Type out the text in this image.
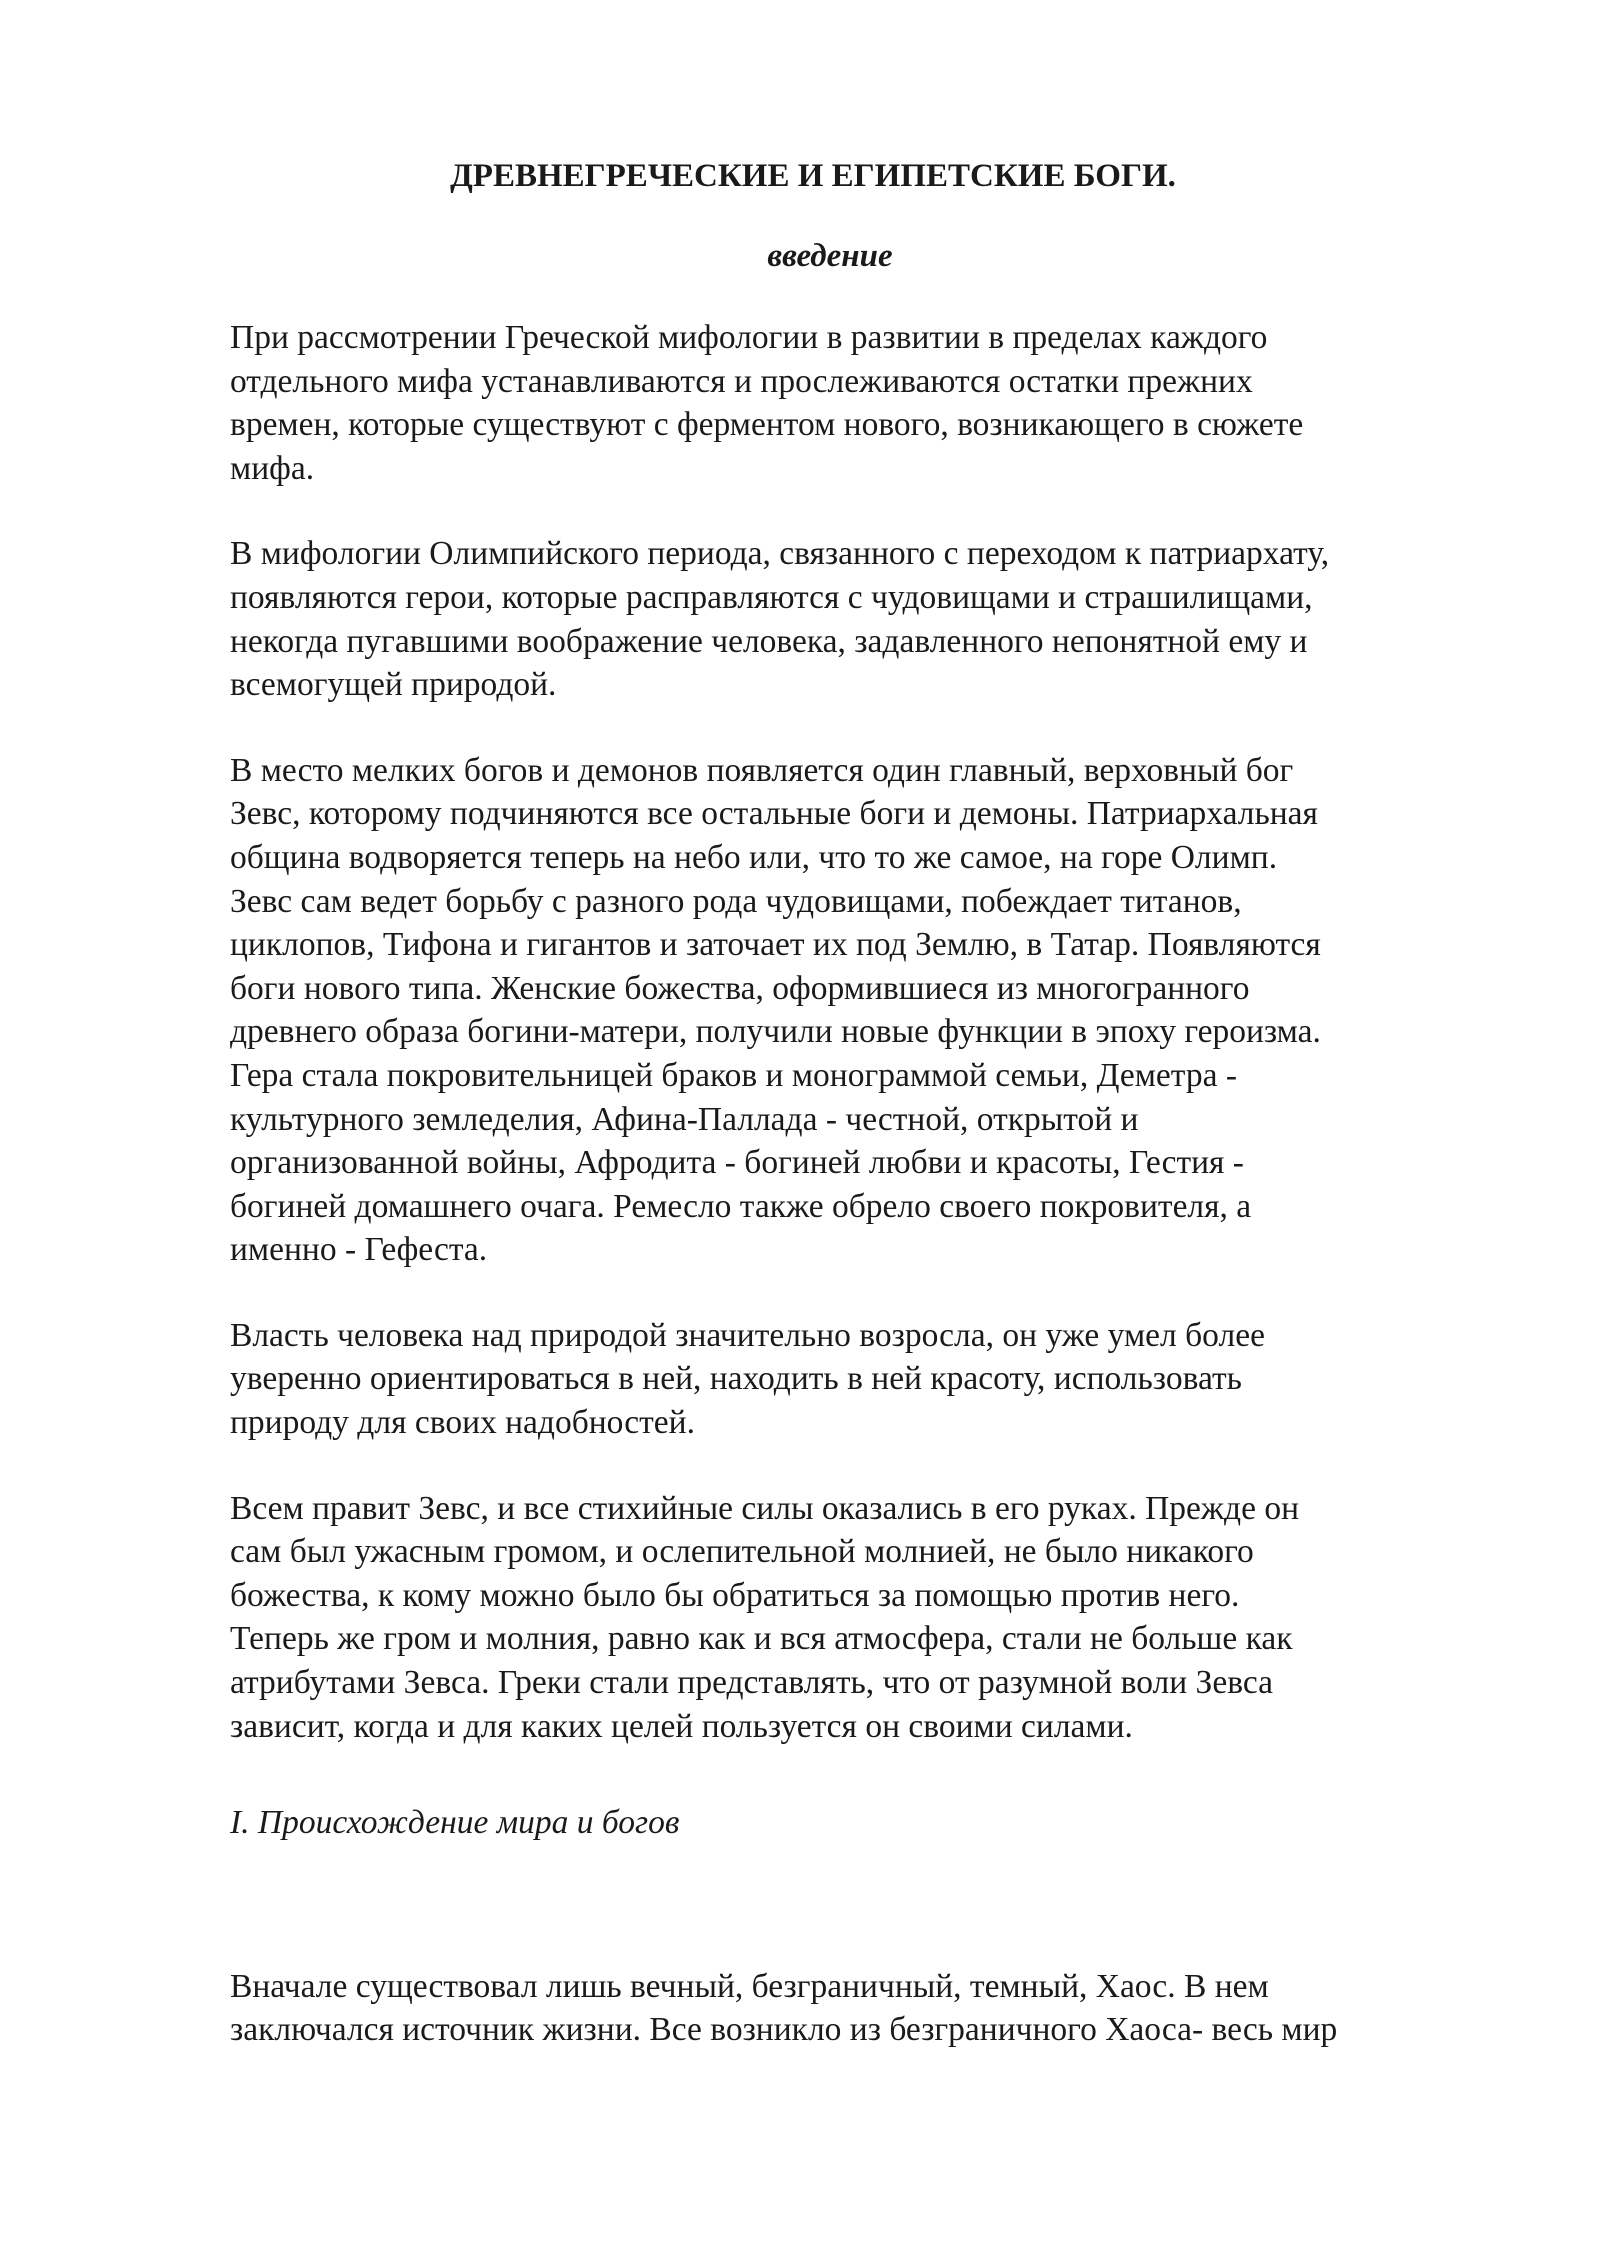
ДРЕВНЕГРЕЧЕСКИЕ И ЕГИПЕТСКИЕ БОГИ.
введение

При рассмотрении Греческой мифологии в развитии в пределах каждого
отдельного мифа устанавливаются и прослеживаются остатки прежних
времен, которые существуют с ферментом нового, возникающего в сюжете
мифа.

В мифологии Олимпийского периода, связанного с переходом к патриархату,
появляются герои, которые расправляются с чудовищами и страшилищами,
некогда пугавшими воображение человека, задавленного непонятной ему и
всемогущей природой.

В место мелких богов и демонов появляется один главный, верховный бог
Зевс, которому подчиняются все остальные боги и демоны. Патриархальная
община водворяется теперь на небо или, что то же самое, на горе Олимп.
Зевс сам ведет борьбу с разного рода чудовищами, побеждает титанов,
циклопов, Тифона и гигантов и заточает их под Землю, в Татар. Появляются
боги нового типа. Женские божества, оформившиеся из многогранного
древнего образа богини-матери, получили новые функции в эпоху героизма.
Гера стала покровительницей браков и монограммой семьи, Деметра -
культурного земледелия, Афина-Паллада - честной, открытой и
организованной войны, Афродита - богиней любви и красоты, Гестия -
богиней домашнего очага. Ремесло также обрело своего покровителя, а
именно - Гефеста.

Власть человека над природой значительно возросла, он уже умел более
уверенно ориентироваться в ней, находить в ней красоту, использовать
природу для своих надобностей.

Всем правит Зевс, и все стихийные силы оказались в его руках. Прежде он
сам был ужасным громом, и ослепительной молнией, не было никакого
божества, к кому можно было бы обратиться за помощью против него.
Теперь же гром и молния, равно как и вся атмосфера, стали не больше как
атрибутами Зевса. Греки стали представлять, что от разумной воли Зевса
зависит, когда и для каких целей пользуется он своими силами.

I. Происхождение мира и богов

Вначале существовал лишь вечный, безграничный, темный, Хаос. В нем
заключался источник жизни. Все возникло из безграничного Хаоса- весь мир
